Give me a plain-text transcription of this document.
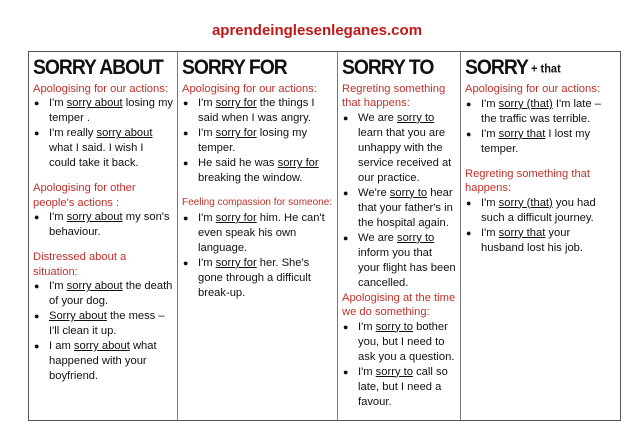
aprendeinglesenleganes.com
SORRY ABOUT
Apologising for our actions:
● I'm sorry about losing my temper .
● I'm really sorry about what I said. I wish I could take it back.
Apologising for other people's actions :
● I'm sorry about my son's behaviour.
Distressed about a situation:
● I'm sorry about the death of your dog.
● Sorry about the mess – I'll clean it up.
● I am sorry about what happened with your boyfriend.
SORRY FOR
Apologising for our actions:
● I'm sorry for the things I said when I was angry.
● I'm sorry for losing my temper.
● He said he was sorry for breaking the window.
Feeling compassion for someone:
● I'm sorry for him. He can't even speak his own language.
● I'm sorry for her. She's gone through a difficult break-up.
SORRY TO
Regreting something that happens:
● We are sorry to learn that you are unhappy with the service received at our practice.
● We're sorry to hear that your father's in the hospital again.
● We are sorry to inform you that your flight has been cancelled.
Apologising at the time we do something:
● I'm sorry to bother you, but I need to ask you a question.
● I'm sorry to call so late, but I need a favour.
SORRY + that
Apologising for our actions:
● I'm sorry (that) I'm late – the traffic was terrible.
● I'm sorry that I lost my temper.
Regreting something that happens:
● I'm sorry (that) you had such a difficult journey.
● I'm sorry that your husband lost his job.
